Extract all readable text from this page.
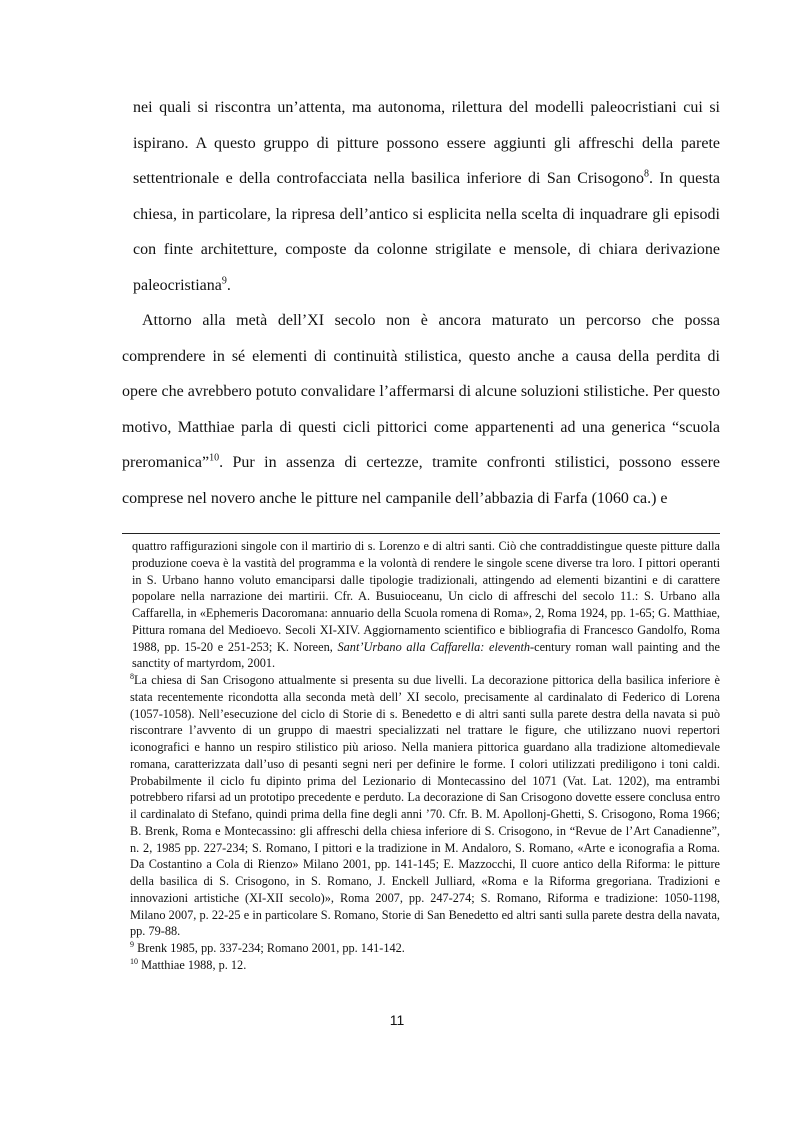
nei quali si riscontra un’attenta, ma autonoma, rilettura del modelli paleocristiani cui si ispirano. A questo gruppo di pitture possono essere aggiunti gli affreschi della parete settentrionale e della controfacciata nella basilica inferiore di San Crisogono$^8$. In questa chiesa, in particolare, la ripresa dell’antico si esplicita nella scelta di inquadrare gli episodi con finte architetture, composte da colonne strigilate e mensole, di chiara derivazione paleocristiana$^9$.

Attorno alla metà dell’XI secolo non è ancora maturato un percorso che possa comprendere in sé elementi di continuità stilistica, questo anche a causa della perdita di opere che avrebbero potuto convalidare l’affermarsi di alcune soluzioni stilistiche. Per questo motivo, Matthiae parla di questi cicli pittorici come appartenenti ad una generica “scuola preromanica”$^{10}$. Pur in assenza di certezze, tramite confronti stilistici, possono essere comprese nel novero anche le pitture nel campanile dell’abbazia di Farfa (1060 ca.) e

quattro raffigurazioni singole con il martirio di s. Lorenzo e di altri santi. Ciò che contraddistingue queste pitture dalla produzione coeva è la vastità del programma e la volontà di rendere le singole scene diverse tra loro. I pittori operanti in S. Urbano hanno voluto emanciparsi dalle tipologie tradizionali, attingendo ad elementi bizantini e di carattere popolare nella narrazione dei martirii. Cfr. A. Busuioceanu, Un ciclo di affreschi del secolo 11.: S. Urbano alla Caffarella, in «Ephemeris Dacoromana: annuario della Scuola romena di Roma», 2, Roma 1924, pp. 1-65; G. Matthiae, Pittura romana del Medioevo. Secoli XI-XIV. Aggiornamento scientifico e bibliografia di Francesco Gandolfo, Roma 1988, pp. 15-20 e 251-253; K. Noreen, Sant’Urbano alla Caffarella: eleventh-century roman wall painting and the sanctity of martyrdom, 2001.

$^8$La chiesa di San Crisogono attualmente si presenta su due livelli. La decorazione pittorica della basilica inferiore è stata recentemente ricondotta alla seconda metà dell’ XI secolo, precisamente al cardinalato di Federico di Lorena (1057-1058). Nell’esecuzione del ciclo di Storie di s. Benedetto e di altri santi sulla parete destra della navata si può riscontrare l’avvento di un gruppo di maestri specializzati nel trattare le figure, che utilizzano nuovi repertori iconografici e hanno un respiro stilistico più arioso. Nella maniera pittorica guardano alla tradizione altomedievale romana, caratterizzata dall’uso di pesanti segni neri per definire le forme. I colori utilizzati prediligono i toni caldi. Probabilmente il ciclo fu dipinto prima del Lezionario di Montecassino del 1071 (Vat. Lat. 1202), ma entrambi potrebbero rifarsi ad un prototipo precedente e perduto. La decorazione di San Crisogono dovette essere conclusa entro il cardinalato di Stefano, quindi prima della fine degli anni ’70. Cfr. B. M. Apollonj-Ghetti, S. Crisogono, Roma 1966; B. Brenk, Roma e Montecassino: gli affreschi della chiesa inferiore di S. Crisogono, in “Revue de l’Art Canadienne”, n. 2, 1985 pp. 227-234; S. Romano, I pittori e la tradizione in M. Andaloro, S. Romano, «Arte e iconografia a Roma. Da Costantino a Cola di Rienzo» Milano 2001, pp. 141-145; E. Mazzocchi, Il cuore antico della Riforma: le pitture della basilica di S. Crisogono, in S. Romano, J. Enckell Julliard, «Roma e la Riforma gregoriana. Tradizioni e innovazioni artistiche (XI-XII secolo)», Roma 2007, pp. 247-274; S. Romano, Riforma e tradizione: 1050-1198, Milano 2007, p. 22-25 e in particolare S. Romano, Storie di San Benedetto ed altri santi sulla parete destra della navata, pp. 79-88.

$^9$ Brenk 1985, pp. 337-234; Romano 2001, pp. 141-142.

$^{10}$ Matthiae 1988, p. 12.

11
